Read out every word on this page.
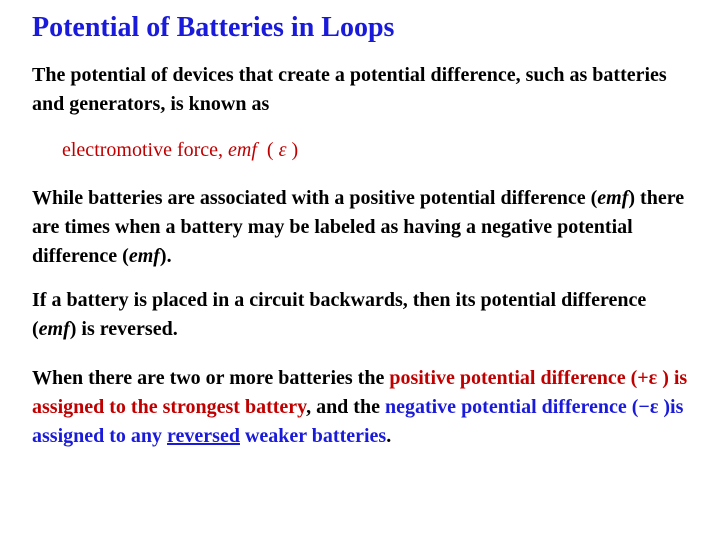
Potential of Batteries in Loops

The potential of devices that create a potential difference, such as batteries and generators, is known as

electromotive force, emf  ( ε )

While batteries are associated with a positive potential difference (emf) there are times when a battery may be labeled as having a negative potential difference (emf).

If a battery is placed in a circuit backwards, then its potential difference (emf) is reversed.

When there are two or more batteries the positive potential difference (+ε ) is assigned to the strongest battery, and the negative potential difference (−ε )is assigned to any reversed weaker batteries.
